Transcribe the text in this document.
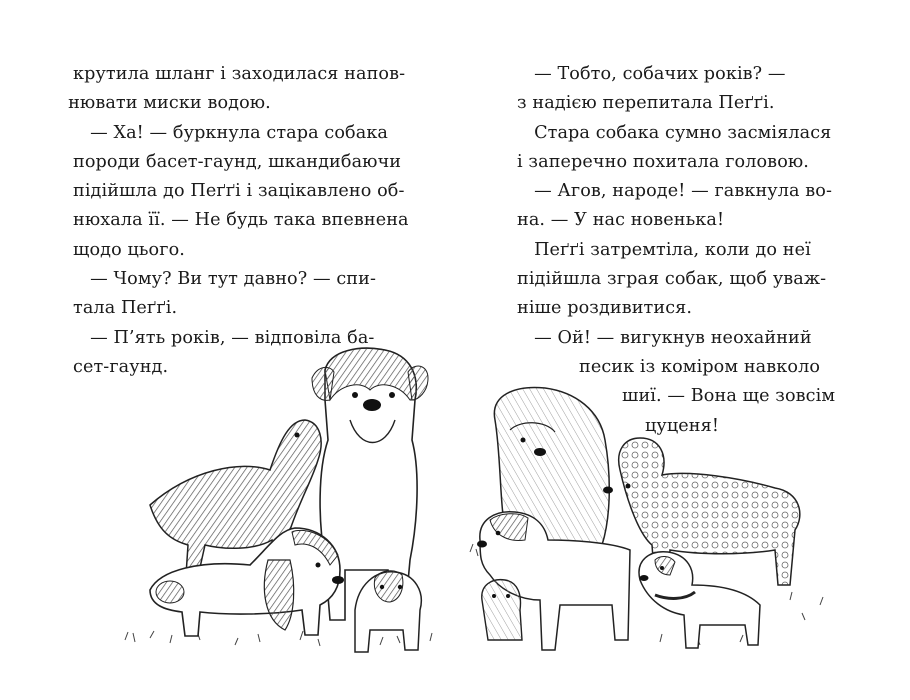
крутила шланг і заходилася напов-
нювати миски водою.
— Ха! — буркнула стара собака
породи басет-гаунд, шкандибаючи
підійшла до Пеґґі і зацікавлено об-
нюхала її. — Не будь така впевнена
щодо цього.
— Чому? Ви тут давно? — спи-
тала Пеґґі.
— П’ять років, — відповіла ба-
сет-гаунд.
— Тобто, собачих років? —
з надією перепитала Пеґґі.
Стара собака сумно засміялася
і заперечно похитала головою.
— Агов, народе! — гавкнула во-
на. — У нас новенька!
Пеґґі затремтіла, коли до неї
підійшла зграя собак, щоб уваж-
ніше роздивитися.
— Ой! — вигукнув неохайний
песик із коміром навколо
шиї. — Вона ще зовсім
цуценя!
